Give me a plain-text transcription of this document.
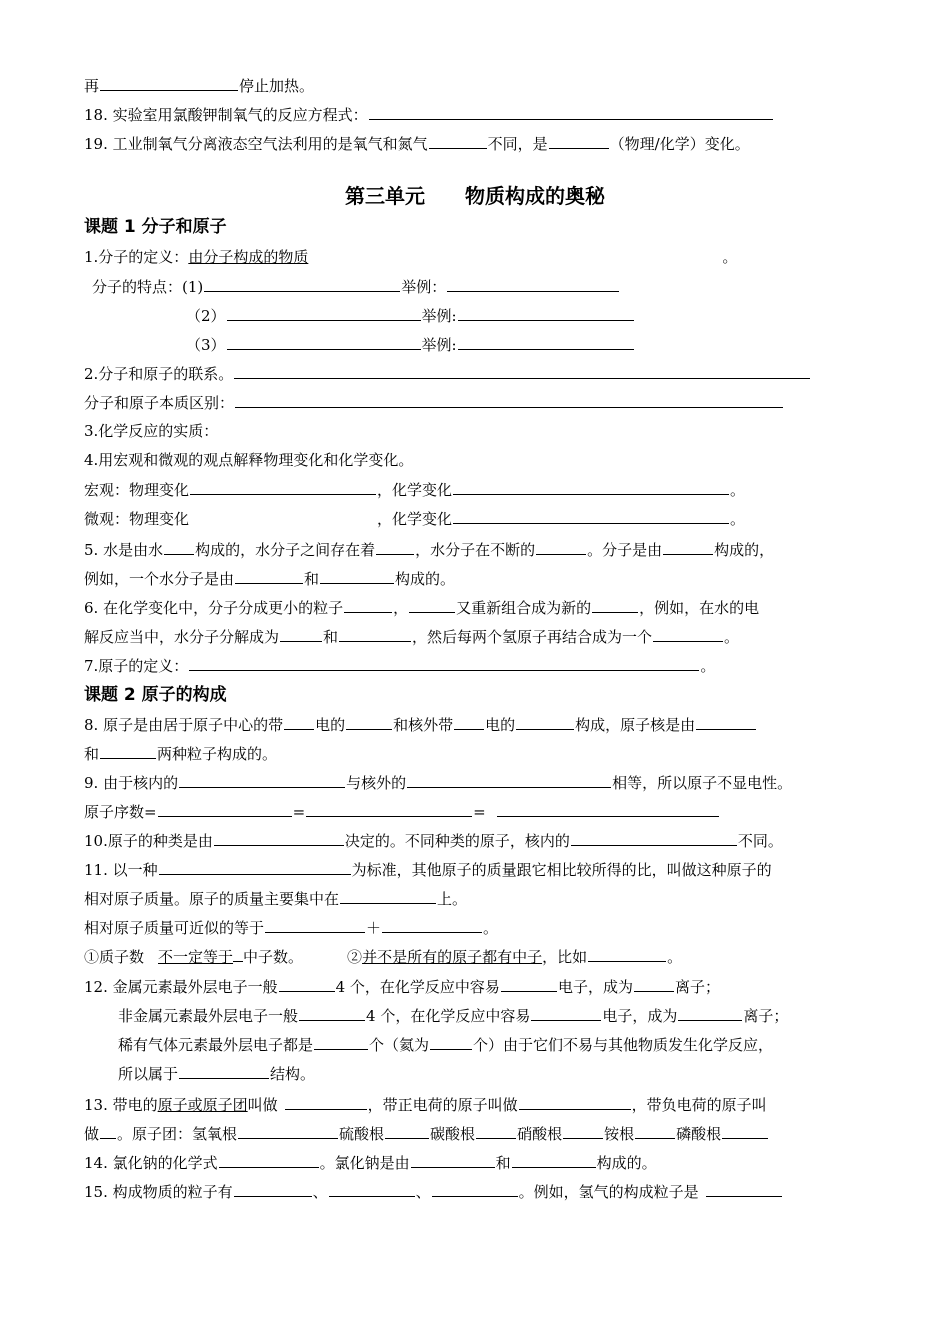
再	停止加热。
18. 实验室用氯酸钾制氧气的反应方程式：
19. 工业制氧气分离液态空气法利用的是氧气和氮气	不同，是	（物理/化学）变化。
第三单元 物质构成的奥秘
课题 1 分子和原子
1.分子的定义：由分子构成的物质	。
分子的特点：(1)	举例：
（2）	举例:
（3）	举例:
2.分子和原子的联系。
分子和原子本质区别：
3.化学反应的实质：
4.用宏观和微观的观点解释物理变化和化学变化。
宏观：物理变化	，化学变化	。
微观：物理变化	，化学变化	。
5. 水是由水 构成的，水分子之间存在着	，水分子在不断的	。分子是由	构成的，
例如，一个水分子是由	和	构成的。
6. 在化学变化中，分子分成更小的粒子	，	又重新组合成为新的	，例如，在水的电
解反应当中，水分子分解成为	和	，然后每两个氢原子再结合成为一个	。
7.原子的定义：	。
课题 2 原子的构成
8. 原子是由居于原子中心的带 电的	和核外带 电的	构成，原子核是由
和	两种粒子构成的。
9. 由于核内的	与核外的	相等，所以原子不显电性。
原子序数=	=	=
10.原子的种类是由	决定的。不同种类的原子，核内的	不同。
11. 以一种	为标准，其他原子的质量跟它相比较所得的比，叫做这种原子的
相对原子质量。原子的质量主要集中在	上。
相对原子质量可近似的等于	＋	。
①质子数 不一定等于 中子数。	②并不是所有的原子都有中子，比如	。
12. 金属元素最外层电子一般	4 个，在化学反应中容易	电子，成为	离子；
非金属元素最外层电子一般	4 个，在化学反应中容易	电子，成为	离子；
稀有气体元素最外层电子都是	个（氦为	个）由于它们不易与其他物质发生化学反应，
所以属于	结构。
13. 带电的原子或原子团叫做	，带正电荷的原子叫做	，带负电荷的原子叫
做 。原子团：氢氧根	硫酸根	碳酸根	硝酸根	铵根	磷酸根
14. 氯化钠的化学式	。氯化钠是由	和	构成的。
15. 构成物质的粒子有	、	、	。例如，氢气的构成粒子是
